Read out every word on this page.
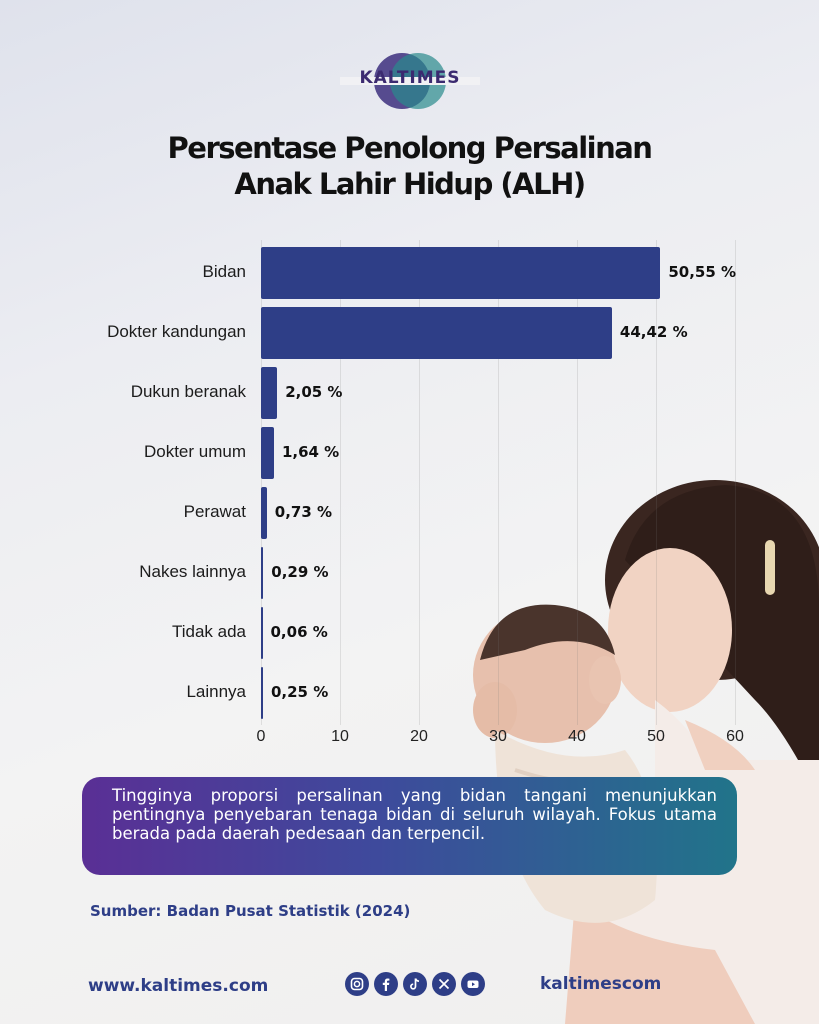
KALTIMES
Persentase Penolong Persalinan
Anak Lahir Hidup (ALH)
0	10	20	30	40	50	60
Bidan	50,55 %
Dokter kandungan	44,42 %
Dukun beranak	2,05 %
Dokter umum 1,64 %
Perawat 0,73 %
Nakes lainnya 0,29 %
Tidak ada 0,06 %
Lainnya 0,25 %
Tingginya proporsi persalinan yang bidan tangani menunjukkan pentingnya penyebaran tenaga bidan di seluruh wilayah. Fokus utama berada pada daerah pedesaan dan terpencil.
Sumber: Badan Pusat Statistik (2024)
www.kaltimes.com	kaltimescom
